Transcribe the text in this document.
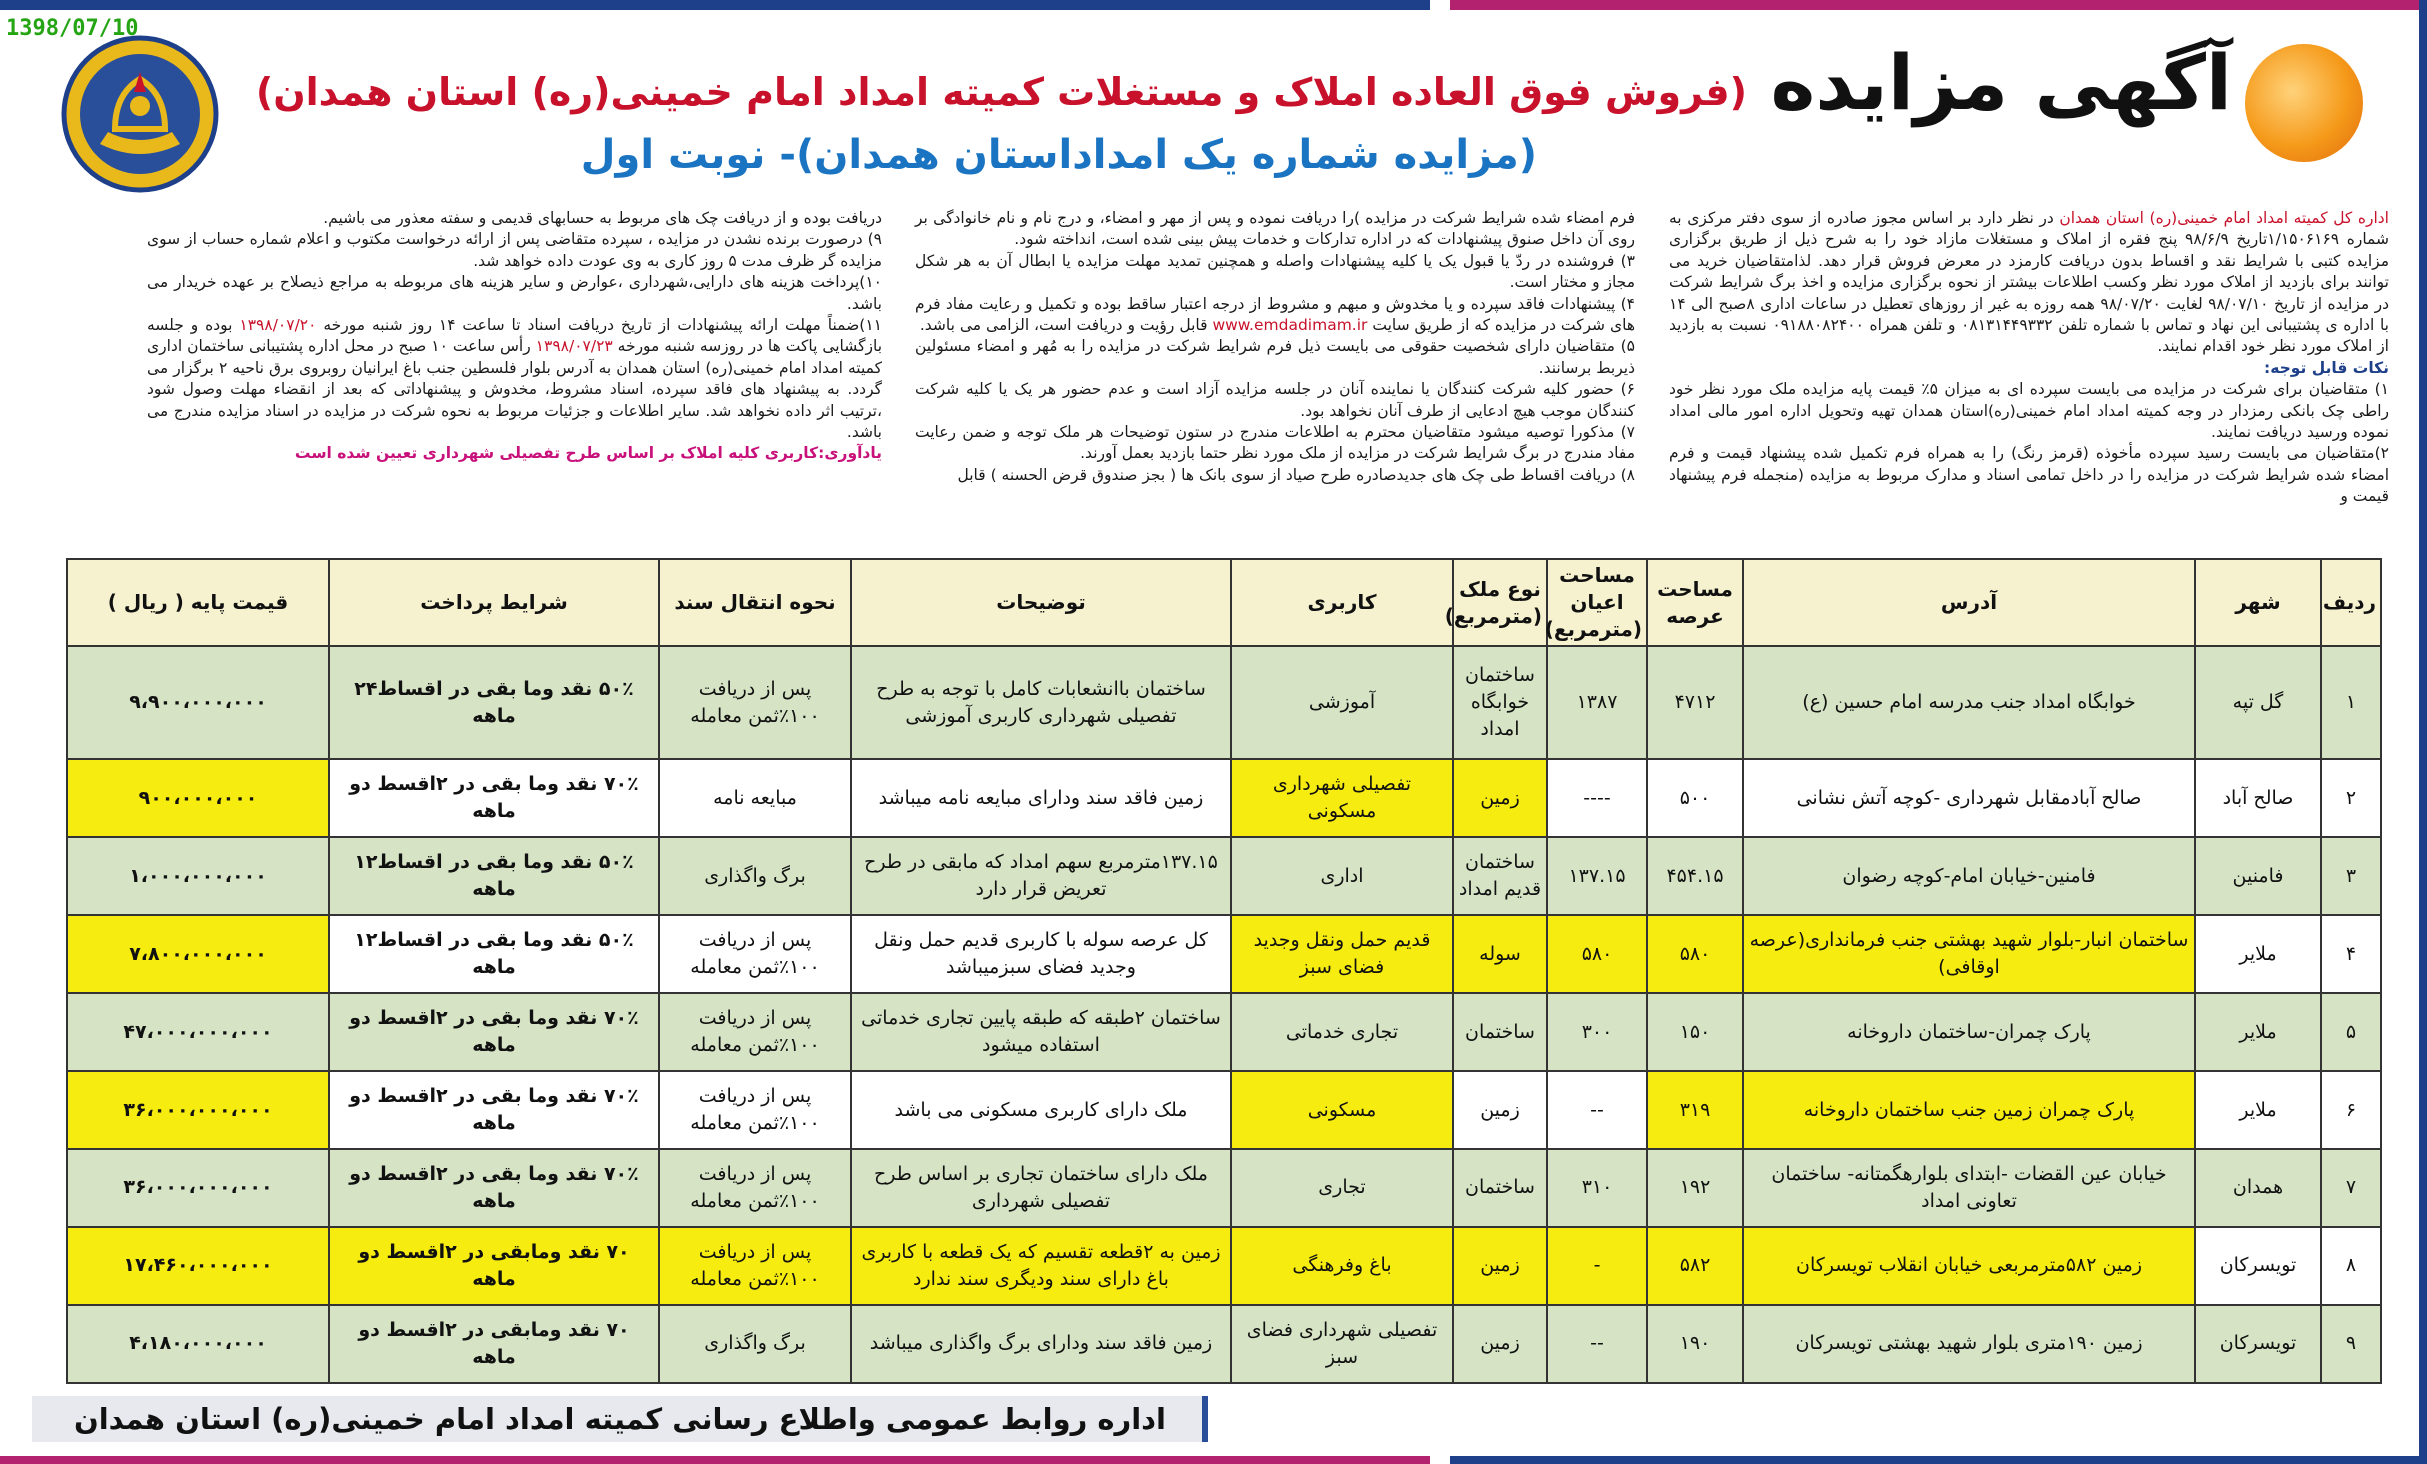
1398/07/10
آگهی مزایده
(فروش فوق العاده املاک و مستغلات کمیته امداد امام خمینی(ره) استان همدان)
(مزایده شماره یک امداداستان همدان)- نوبت اول

اداره کل کمیته امداد امام خمینی(ره) استان همدان در نظر دارد بر اساس مجوز صادره از سوی دفتر مرکزی به شماره ۱/۱۵۰۶۱۶۹تاریخ ۹۸/۶/۹ پنج فقره از املاک و مستغلات مازاد خود را به شرح ذیل از طریق برگزاری مزایده کتبی با شرایط نقد و اقساط بدون دریافت کارمزد در معرض فروش قرار دهد. لذامتقاضیان خرید می توانند برای بازدید از املاک مورد نظر وکسب اطلاعات بیشتر از نحوه برگزاری مزایده و اخذ برگ شرایط شرکت در مزایده از تاریخ ۹۸/۰۷/۱۰ لغایت ۹۸/۰۷/۲۰ همه روزه به غیر از روزهای تعطیل در ساعات اداری ۸صبح الی ۱۴ با اداره ی پشتیبانی این نهاد و تماس با شماره تلفن ۰۸۱۳۱۴۴۹۳۳۲ و تلفن همراه ۰۹۱۸۸۰۸۲۴۰۰ نسبت به بازدید از املاک مورد نظر خود اقدام نمایند.

نکات قابل توجه:

۱) متقاضیان برای شرکت در مزایده می بایست سپرده ای به میزان ۵٪ قیمت پایه مزایده ملک مورد نظر خود راطی چک بانکی رمزدار در وجه کمیته امداد امام خمینی(ره)استان همدان تهیه وتحویل اداره امور مالی امداد نموده ورسید دریافت نمایند.

۲)متقاضیان می بایست رسید سپرده مأخوذه (قرمز رنگ) را به همراه فرم تکمیل شده پیشنهاد قیمت و فرم امضاء شده شرایط شرکت در مزایده را در داخل تمامی اسناد و مدارک مربوط به مزایده (منجمله فرم پیشنهاد قیمت و

فرم امضاء شده شرایط شرکت در مزایده )را دریافت نموده و پس از مهر و امضاء، و درج نام و نام خانوادگی بر روی آن داخل صنوق پیشنهادات که در اداره تدارکات و خدمات پیش بینی شده است، انداخته شود.

۳) فروشنده در ردّ یا قبول یک یا کلیه پیشنهادات واصله و همچنین تمدید مهلت مزایده یا ابطال آن به هر شکل مجاز و مختار است.

۴) پیشنهادات فاقد سپرده و یا مخدوش و مبهم و مشروط از درجه اعتبار ساقط بوده و تکمیل و رعایت مفاد فرم های شرکت در مزایده که از طریق سایت www.emdadimam.ir قابل رؤیت و دریافت است، الزامی می باشد.

۵) متقاضیان دارای شخصیت حقوقی می بایست ذیل فرم شرایط شرکت در مزایده را به مُهر و امضاء مسئولین ذیربط برسانند.

۶) حضور کلیه شرکت کنندگان یا نماینده آنان در جلسه مزایده آزاد است و عدم حضور هر یک یا کلیه شرکت کنندگان موجب هیچ ادعایی از طرف آنان نخواهد بود.

۷) مذکورا توصیه میشود متقاضیان محترم به اطلاعات مندرج در ستون توضیحات هر ملک توجه و ضمن رعایت مفاد مندرج در برگ شرایط شرکت در مزایده از ملک مورد نظر حتما بازدید بعمل آورند.

۸) دریافت اقساط طی چک های جدیدصادره طرح صیاد از سوی بانک ها ( بجز صندوق قرض الحسنه ) قابل

دریافت بوده و از دریافت چک های مربوط به حسابهای قدیمی و سفته معذور می باشیم.

۹) درصورت برنده نشدن در مزایده ، سپرده متقاضی پس از ارائه درخواست مکتوب و اعلام شماره حساب از سوی مزایده گر ظرف مدت ۵ روز کاری به وی عودت داده خواهد شد.

۱۰)پرداخت هزینه های دارایی،شهرداری ،عوارض و سایر هزینه های مربوطه به مراجع ذیصلاح بر عهده خریدار می باشد.

۱۱)ضمناً مهلت ارائه پیشنهادات از تاریخ دریافت اسناد تا ساعت ۱۴ روز شنبه مورخه ۱۳۹۸/۰۷/۲۰ بوده و جلسه بازگشایی پاکت ها در روزسه شنبه مورخه ۱۳۹۸/۰۷/۲۳ رأس ساعت ۱۰ صبح در محل اداره پشتیبانی ساختمان اداری کمیته امداد امام خمینی(ره) استان همدان به آدرس بلوار فلسطین جنب باغ ایرانیان روبروی برق ناحیه ۲ برگزار می گردد. به پیشنهاد های فاقد سپرده، اسناد مشروط، مخدوش و پیشنهاداتی که بعد از انقضاء مهلت وصول شود ،ترتیب اثر داده نخواهد شد. سایر اطلاعات و جزئیات مربوط به نحوه شرکت در مزایده در اسناد مزایده مندرج می باشد.

یادآوری:کاربری کلیه املاک بر اساس طرح تفصیلی شهرداری تعیین شده است

ردیف	شهر	آدرس	مساحت عرصه	مساحت اعیان (مترمربع)	نوع ملک (مترمربع)	کاربری	توضیحات	نحوه انتقال سند	شرایط پرداخت	قیمت پایه ( ریال )
۱	گل تپه	خوابگاه امداد جنب مدرسه امام حسین (ع)	۴۷۱۲	۱۳۸۷	ساختمان خوابگاه امداد	آموزشی	ساختمان باانشعابات کامل با توجه به طرح تفصیلی شهرداری کاربری آموزشی	پس از دریافت ۱۰۰٪ثمن معامله	۵۰٪ نقد وما بقی در اقساط۲۴ ماهه	۹،۹۰۰،۰۰۰،۰۰۰
۲	صالح آباد	صالح آبادمقابل شهرداری -کوچه آتش نشانی	۵۰۰	----	زمین	تفصیلی شهرداری مسکونی	زمین فاقد سند ودارای مبایعه نامه میباشد	مبایعه نامه	۷۰٪ نقد وما بقی در ۲اقسط دو ماهه	۹۰۰،۰۰۰،۰۰۰
۳	فامنین	فامنین-خیابان امام-کوچه رضوان	۴۵۴.۱۵	۱۳۷.۱۵	ساختمان قدیم امداد	اداری	۱۳۷.۱۵مترمربع سهم امداد که مابقی در طرح تعریض قرار دارد	برگ واگذاری	۵۰٪ نقد وما بقی در اقساط۱۲ ماهه	۱،۰۰۰،۰۰۰،۰۰۰
۴	ملایر	ساختمان انبار-بلوار شهید بهشتی جنب فرمانداری(عرصه اوقافی)	۵۸۰	۵۸۰	سوله	قدیم حمل ونقل وجدید فضای سبز	کل عرصه سوله با کاربری قدیم حمل ونقل وجدید فضای سبزمیباشد	پس از دریافت ۱۰۰٪ثمن معامله	۵۰٪ نقد وما بقی در اقساط۱۲ ماهه	۷،۸۰۰،۰۰۰،۰۰۰
۵	ملایر	پارک چمران-ساختمان داروخانه	۱۵۰	۳۰۰	ساختمان	تجاری خدماتی	ساختمان ۲طبقه که طبقه پایین تجاری خدماتی استفاده میشود	پس از دریافت ۱۰۰٪ثمن معامله	۷۰٪ نقد وما بقی در ۲اقسط دو ماهه	۴۷،۰۰۰،۰۰۰،۰۰۰
۶	ملایر	پارک چمران زمین جنب ساختمان داروخانه	۳۱۹	--	زمین	مسکونی	ملک دارای کاربری مسکونی می باشد	پس از دریافت ۱۰۰٪ثمن معامله	۷۰٪ نقد وما بقی در ۲اقسط دو ماهه	۳۶،۰۰۰،۰۰۰،۰۰۰
۷	همدان	خیابان عین القضات -ابتدای بلوارهگمتانه- ساختمان تعاونی امداد	۱۹۲	۳۱۰	ساختمان	تجاری	ملک دارای ساختمان تجاری بر اساس طرح تفصیلی شهرداری	پس از دریافت ۱۰۰٪ثمن معامله	۷۰٪ نقد وما بقی در ۲اقسط دو ماهه	۳۶،۰۰۰،۰۰۰،۰۰۰
۸	تویسرکان	زمین ۵۸۲مترمربعی خیابان انقلاب تویسرکان	۵۸۲	-	زمین	باغ وفرهنگی	زمین به ۲قطعه تقسیم که یک قطعه با کاربری باغ دارای سند ودیگری سند ندارد	پس از دریافت ۱۰۰٪ثمن معامله	۷۰ نقد ومابقی در ۲اقسط دو ماهه	۱۷،۴۶۰،۰۰۰،۰۰۰
۹	تویسرکان	زمین ۱۹۰متری بلوار شهید بهشتی تویسرکان	۱۹۰	--	زمین	تفصیلی شهرداری فضای سبز	زمین فاقد سند ودارای برگ واگذاری میباشد	برگ واگذاری	۷۰ نقد ومابقی در ۲اقسط دو ماهه	۴،۱۸۰،۰۰۰،۰۰۰
اداره روابط عمومی واطلاع رسانی کمیته امداد امام خمینی(ره) استان همدان
